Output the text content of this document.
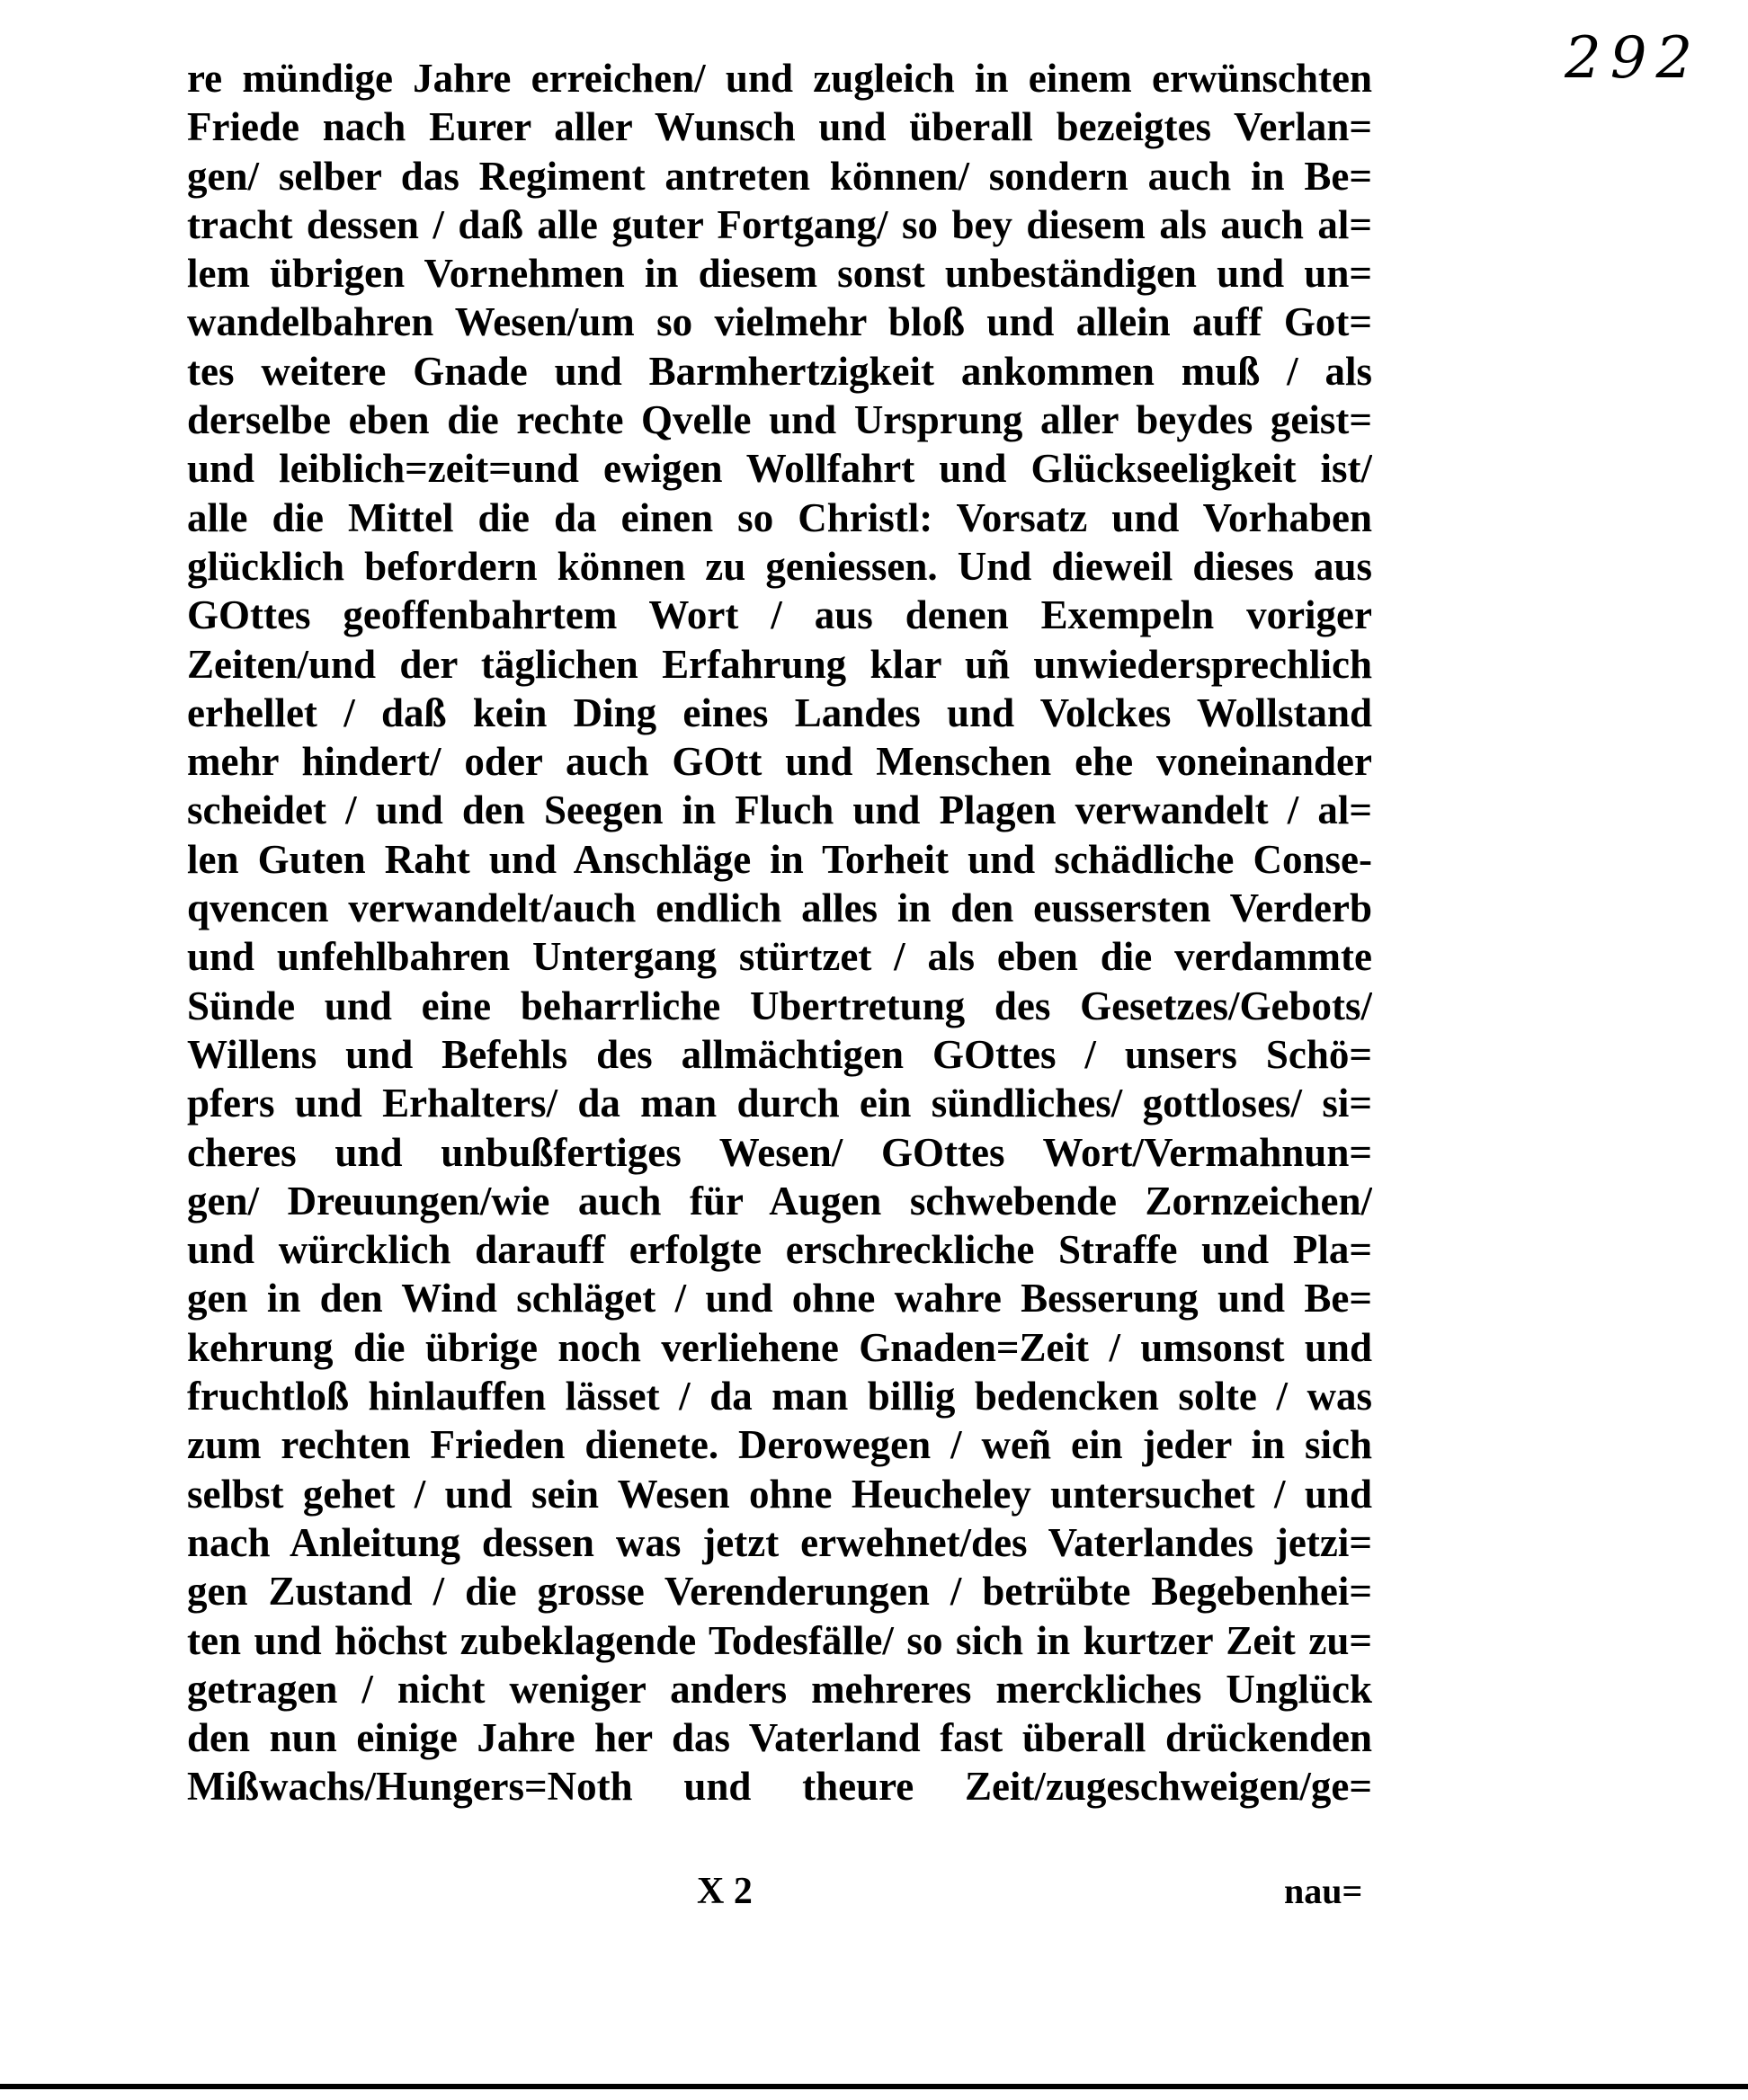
292
re mündige Jahre erreichen/ und zugleich in einem erwünschten
Friede nach Eurer aller Wunsch und überall bezeigtes Verlan=
gen/ selber das Regiment antreten können/ sondern auch in Be=
tracht dessen / daß alle guter Fortgang/ so bey diesem als auch al=
lem übrigen Vornehmen in diesem sonst unbeständigen und un=
wandelbahren Wesen/um so vielmehr bloß und allein auff Got=
tes weitere Gnade und Barmhertzigkeit ankommen muß / als
derselbe eben die rechte Qvelle und Ursprung aller beydes geist=
und leiblich=zeit=und ewigen Wollfahrt und Glückseeligkeit ist/
alle die Mittel die da einen so Christl: Vorsatz und Vorhaben
glücklich befordern können zu geniessen. Und dieweil dieses aus
GOttes geoffenbahrtem Wort / aus denen Exempeln voriger
Zeiten/und der täglichen Erfahrung klar uñ unwiedersprechlich
erhellet / daß kein Ding eines Landes und Volckes Wollstand
mehr hindert/ oder auch GOtt und Menschen ehe voneinander
scheidet / und den Seegen in Fluch und Plagen verwandelt / al=
len Guten Raht und Anschläge in Torheit und schädliche Conse-
qvencen verwandelt/auch endlich alles in den eussersten Verderb
und unfehlbahren Untergang stürtzet / als eben die verdammte
Sünde und eine beharrliche Ubertretung des Gesetzes/Gebots/
Willens und Befehls des allmächtigen GOttes / unsers Schö=
pfers und Erhalters/ da man durch ein sündliches/ gottloses/ si=
cheres und unbußfertiges Wesen/ GOttes Wort/Vermahnun=
gen/ Dreuungen/wie auch für Augen schwebende Zornzeichen/
und würcklich darauff erfolgte erschreckliche Straffe und Pla=
gen in den Wind schläget / und ohne wahre Besserung und Be=
kehrung die übrige noch verliehene Gnaden=Zeit / umsonst und
fruchtloß hinlauffen lässet / da man billig bedencken solte / was
zum rechten Frieden dienete. Derowegen / weñ ein jeder in sich
selbst gehet / und sein Wesen ohne Heucheley untersuchet / und
nach Anleitung dessen was jetzt erwehnet/des Vaterlandes jetzi=
gen Zustand / die grosse Verenderungen / betrübte Begebenhei=
ten und höchst zubeklagende Todesfälle/ so sich in kurtzer Zeit zu=
getragen / nicht weniger anders mehreres merckliches Unglück
den nun einige Jahre her das Vaterland fast überall drückenden
Mißwachs/Hungers=Noth und theure Zeit/zugeschweigen/ge=
X 2	nau=
